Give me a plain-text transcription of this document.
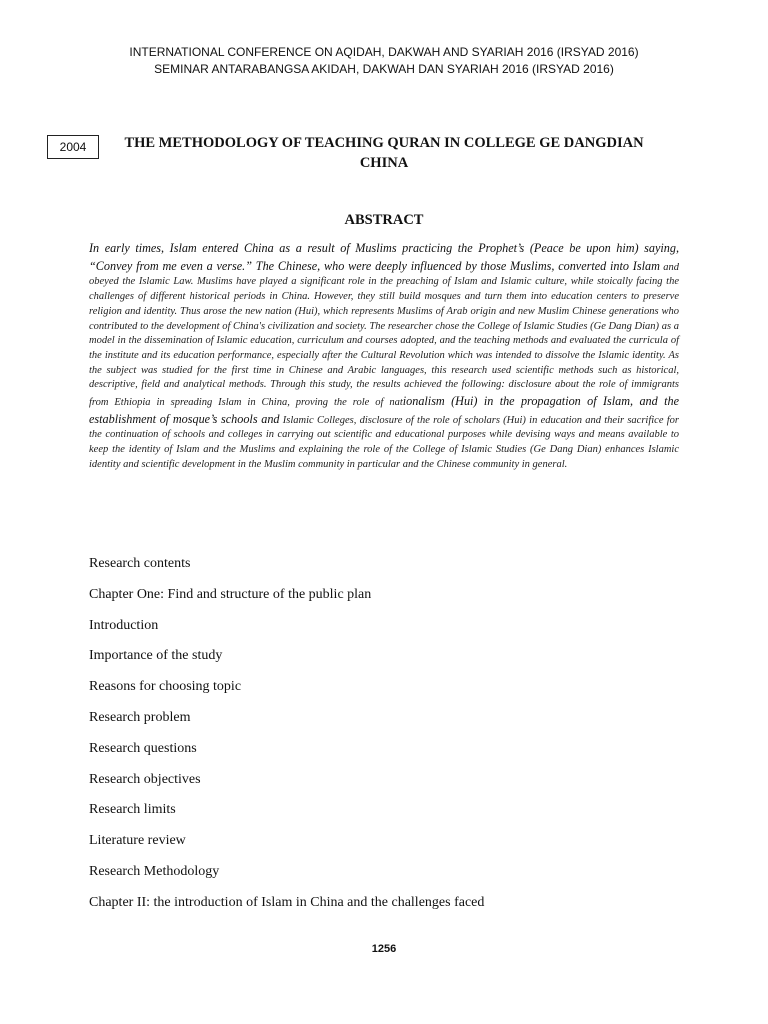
INTERNATIONAL CONFERENCE ON AQIDAH, DAKWAH AND SYARIAH 2016 (IRSYAD 2016)
SEMINAR ANTARABANGSA AKIDAH, DAKWAH DAN SYARIAH 2016 (IRSYAD 2016)
2004	THE METHODOLOGY OF TEACHING QURAN IN COLLEGE GE DANGDIAN CHINA
ABSTRACT

In early times, Islam entered China as a result of Muslims practicing the Prophet’s (Peace be upon him) saying, “Convey from me even a verse.” The Chinese, who were deeply influenced by those Muslims, converted into Islam and obeyed the Islamic Law. Muslims have played a significant role in the preaching of Islam and Islamic culture, while stoically facing the challenges of different historical periods in China. However, they still build mosques and turn them into education centers to preserve religion and identity. Thus arose the new nation (Hui), which represents Muslims of Arab origin and new Muslim Chinese generations who contributed to the development of China's civilization and society. The researcher chose the College of Islamic Studies (Ge Dang Dian) as a model in the dissemination of Islamic education, curriculum and courses adopted, and the teaching methods and evaluated the curricula of the institute and its education performance, especially after the Cultural Revolution which was intended to dissolve the Islamic identity. As the subject was studied for the first time in Chinese and Arabic languages, this research used scientific methods such as historical, descriptive, field and analytical methods. Through this study, the results achieved the following: disclosure about the role of immigrants from Ethiopia in spreading Islam in China, proving the role of nationalism (Hui) in the propagation of Islam, and the establishment of mosque’s schools and Islamic Colleges, disclosure of the role of scholars (Hui) in education and their sacrifice for the continuation of schools and colleges in carrying out scientific and educational purposes while devising ways and means available to keep the identity of Islam and the Muslims and explaining the role of the College of Islamic Studies (Ge Dang Dian) enhances Islamic identity and scientific development in the Muslim community in particular and the Chinese community in general.

Research contents
Chapter One: Find and structure of the public plan
Introduction
Importance of the study
Reasons for choosing topic
Research problem
Research questions
Research objectives
Research limits
Literature review
Research Methodology
Chapter II: the introduction of Islam in China and the challenges faced
1256
